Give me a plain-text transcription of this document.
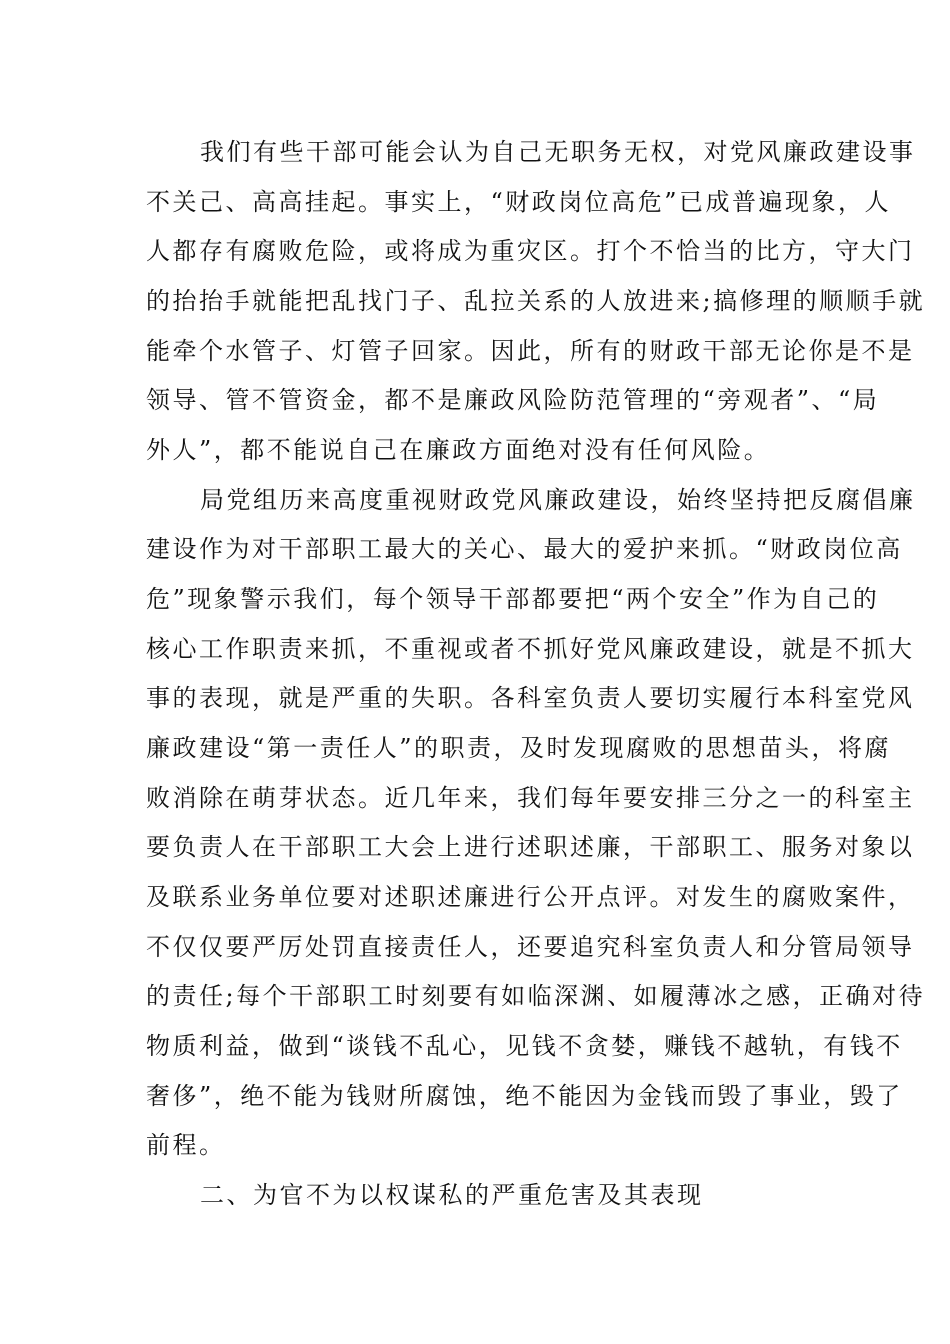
我们有些干部可能会认为自己无职务无权，对党风廉政建设事
不关己、高高挂起。事实上，“财政岗位高危”已成普遍现象，人
人都存有腐败危险，或将成为重灾区。打个不恰当的比方，守大门
的抬抬手就能把乱找门子、乱拉关系的人放进来;搞修理的顺顺手就
能牵个水管子、灯管子回家。因此，所有的财政干部无论你是不是
领导、管不管资金，都不是廉政风险防范管理的“旁观者”、“局
外人”，都不能说自己在廉政方面绝对没有任何风险。
局党组历来高度重视财政党风廉政建设，始终坚持把反腐倡廉
建设作为对干部职工最大的关心、最大的爱护来抓。“财政岗位高
危”现象警示我们，每个领导干部都要把“两个安全”作为自己的
核心工作职责来抓，不重视或者不抓好党风廉政建设，就是不抓大
事的表现，就是严重的失职。各科室负责人要切实履行本科室党风
廉政建设“第一责任人”的职责，及时发现腐败的思想苗头，将腐
败消除在萌芽状态。近几年来，我们每年要安排三分之一的科室主
要负责人在干部职工大会上进行述职述廉，干部职工、服务对象以
及联系业务单位要对述职述廉进行公开点评。对发生的腐败案件，
不仅仅要严厉处罚直接责任人，还要追究科室负责人和分管局领导
的责任;每个干部职工时刻要有如临深渊、如履薄冰之感，正确对待
物质利益，做到“谈钱不乱心，见钱不贪婪，赚钱不越轨，有钱不
奢侈”，绝不能为钱财所腐蚀，绝不能因为金钱而毁了事业，毁了
前程。
二、为官不为以权谋私的严重危害及其表现
